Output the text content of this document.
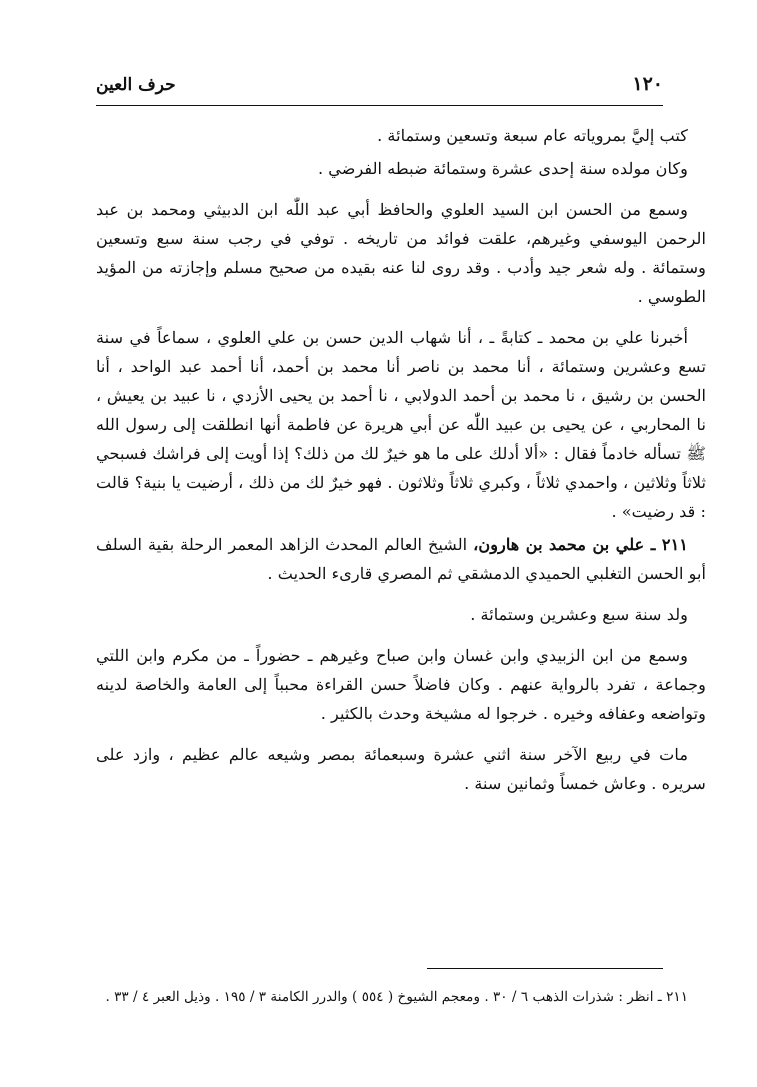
١٢٠
حرف العين

كتب إليَّ بمروياته عام سبعة وتسعين وستمائة .

وكان مولده سنة إحدى عشرة وستمائة ضبطه الفرضي .

وسمع من الحسن ابن السيد العلوي والحافظ أبي عبد اللّٰه ابن الدبيثي ومحمد بن عبد الرحمن اليوسفي وغيرهم، علقت فوائد من تاريخه . توفي في رجب سنة سبع وتسعين وستمائة . وله شعر جيد وأدب . وقد روى لنا عنه بقيده من صحيح مسلم وإجازته من المؤيد الطوسي .

أخبرنا علي بن محمد ـ كتابةً ـ ، أنا شهاب الدين حسن بن علي العلوي ، سماعاً في سنة تسع وعشرين وستمائة ، أنا محمد بن ناصر أنا محمد بن أحمد، أنا أحمد عبد الواحد ، أنا الحسن بن رشيق ، نا محمد بن أحمد الدولابي ، نا أحمد بن يحيى الأزدي ، نا عبيد بن يعيش ، نا المحاربي ، عن يحيى بن عبيد اللّٰه عن أبي هريرة عن فاطمة أنها انطلقت إلى رسول الله ﷺ تسأله خادماً فقال : «ألا أدلك على ما هو خيرٌ لك من ذلك؟ إذا أويت إلى فراشك فسبحي ثلاثاً وثلاثين ، واحمدي ثلاثاً ، وكبري ثلاثاً وثلاثون . فهو خيرٌ لك من ذلك ، أرضيت يا بنية؟ قالت : قد رضيت» .

٢١١ ـ علي بن محمد بن هارون، الشيخ العالم المحدث الزاهد المعمر الرحلة بقية السلف أبو الحسن التغلبي الحميدي الدمشقي ثم المصري قارىء الحديث .

ولد سنة سبع وعشرين وستمائة .

وسمع من ابن الزبيدي وابن غسان وابن صباح وغيرهم ـ حضوراً ـ من مكرم وابن اللتي وجماعة ، تفرد بالرواية عنهم . وكان فاضلاً حسن القراءة محبباً إلى العامة والخاصة لدينه وتواضعه وعفافه وخيره . خرجوا له مشيخة وحدث بالكثير .

مات في ربيع الآخر سنة اثني عشرة وسبعمائة بمصر وشيعه عالم عظيم ، وازد على سريره . وعاش خمساً وثمانين سنة .

٢١١ ـ انظر : شذرات الذهب ٦ / ٣٠ . ومعجم الشيوخ ( ٥٥٤ ) والدرر الكامنة ٣ / ١٩٥ . وذيل العبر ٤ / ٣٣ .
